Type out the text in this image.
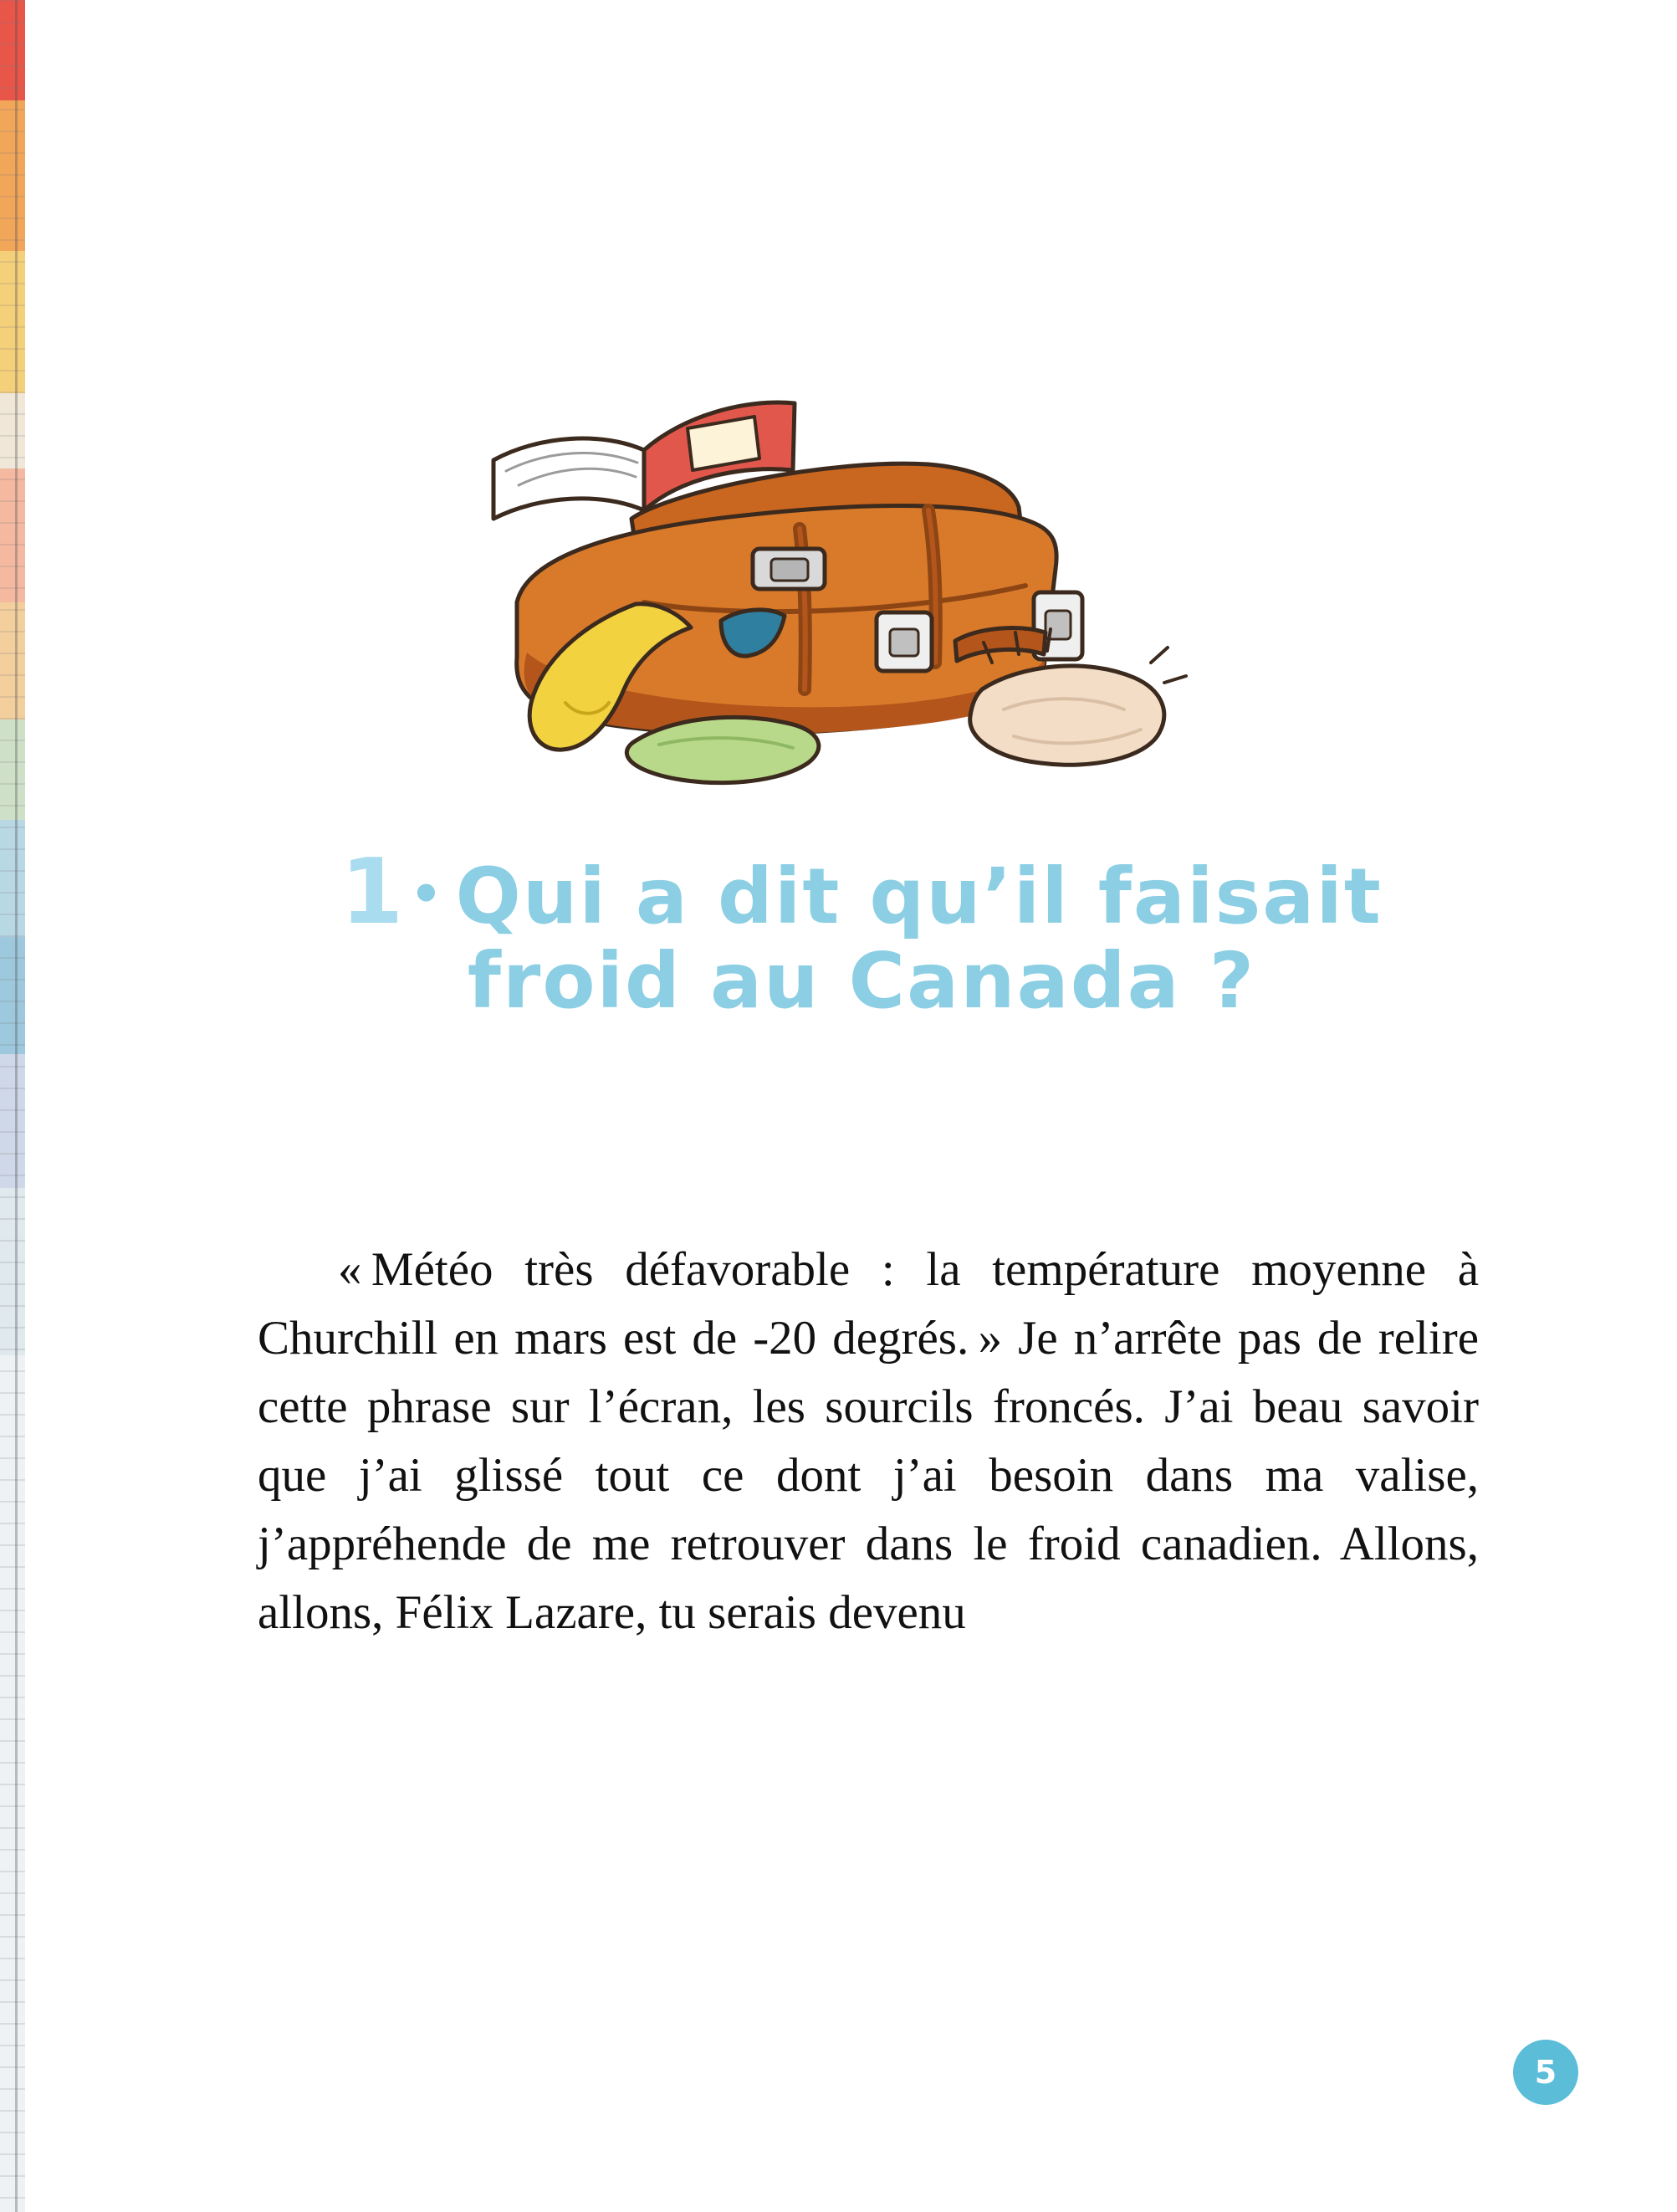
1 • Qui a dit qu’il faisait
froid au Canada ?

« Météo très défavorable : la température moyenne à Churchill en mars est de -20 degrés. » Je n’arrête pas de relire cette phrase sur l’écran, les sourcils froncés. J’ai beau savoir que j’ai glissé tout ce dont j’ai besoin dans ma valise, j’appréhende de me retrouver dans le froid canadien. Allons, allons, Félix Lazare, tu serais devenu

5
